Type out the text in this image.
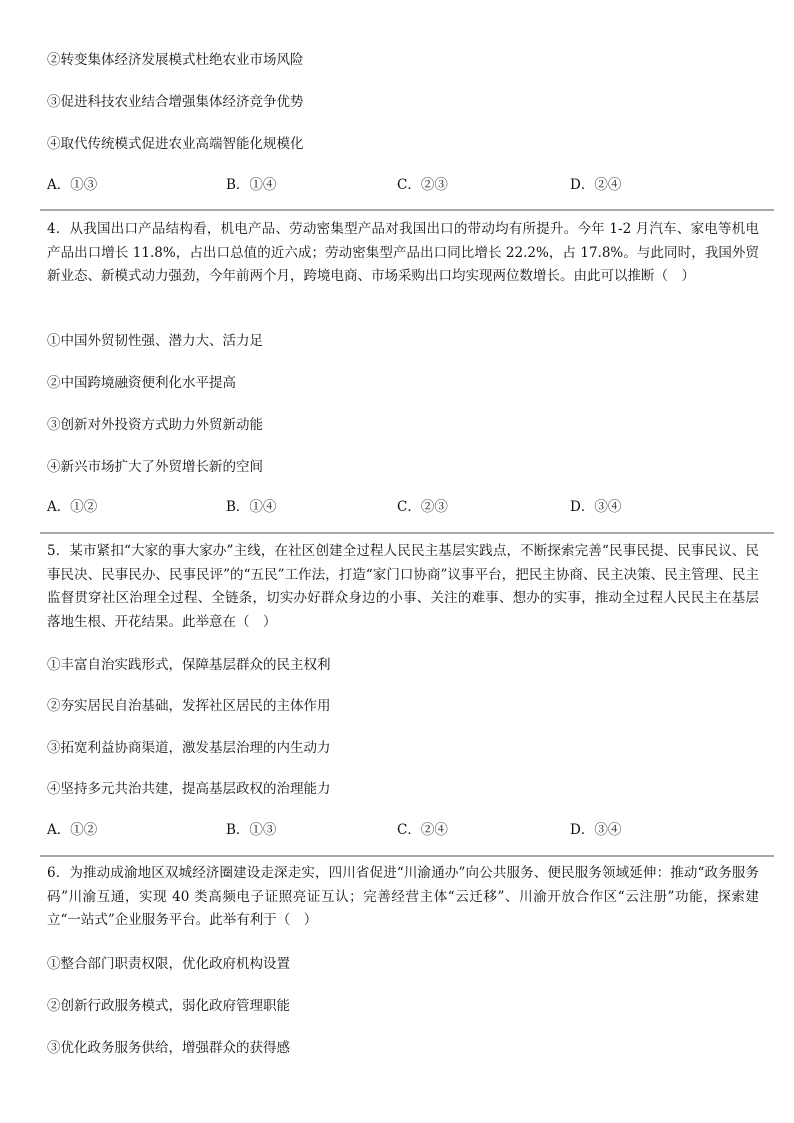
②转变集体经济发展模式杜绝农业市场风险
③促进科技农业结合增强集体经济竞争优势
④取代传统模式促进农业高端智能化规模化
A．①③	B．①④	C．②③	D．②④
4．从我国出口产品结构看，机电产品、劳动密集型产品对我国出口的带动均有所提升。今年 1-2 月汽车、家电等机电产品出口增长 11.8%，占出口总值的近六成；劳动密集型产品出口同比增长 22.2%，占 17.8%。与此同时，我国外贸新业态、新模式动力强劲，今年前两个月，跨境电商、市场采购出口均实现两位数增长。由此可以推断（　）
①中国外贸韧性强、潜力大、活力足
②中国跨境融资便利化水平提高
③创新对外投资方式助力外贸新动能
④新兴市场扩大了外贸增长新的空间
A．①②	B．①④	C．②③	D．③④
5．某市紧扣“大家的事大家办”主线，在社区创建全过程人民民主基层实践点，不断探索完善“民事民提、民事民议、民事民决、民事民办、民事民评”的“五民”工作法，打造“家门口协商”议事平台，把民主协商、民主决策、民主管理、民主监督贯穿社区治理全过程、全链条，切实办好群众身边的小事、关注的难事、想办的实事，推动全过程人民民主在基层落地生根、开花结果。此举意在（　）
①丰富自治实践形式，保障基层群众的民主权利
②夯实居民自治基础，发挥社区居民的主体作用
③拓宽利益协商渠道，激发基层治理的内生动力
④坚持多元共治共建，提高基层政权的治理能力
A．①②	B．①③	C．②④	D．③④
6．为推动成渝地区双城经济圈建设走深走实，四川省促进“川渝通办”向公共服务、便民服务领域延伸：推动“政务服务码”川渝互通，实现 40 类高频电子证照亮证互认；完善经营主体“云迁移”、川渝开放合作区“云注册”功能，探索建立“一站式”企业服务平台。此举有利于（　）
①整合部门职责权限，优化政府机构设置
②创新行政服务模式，弱化政府管理职能
③优化政务服务供给，增强群众的获得感
